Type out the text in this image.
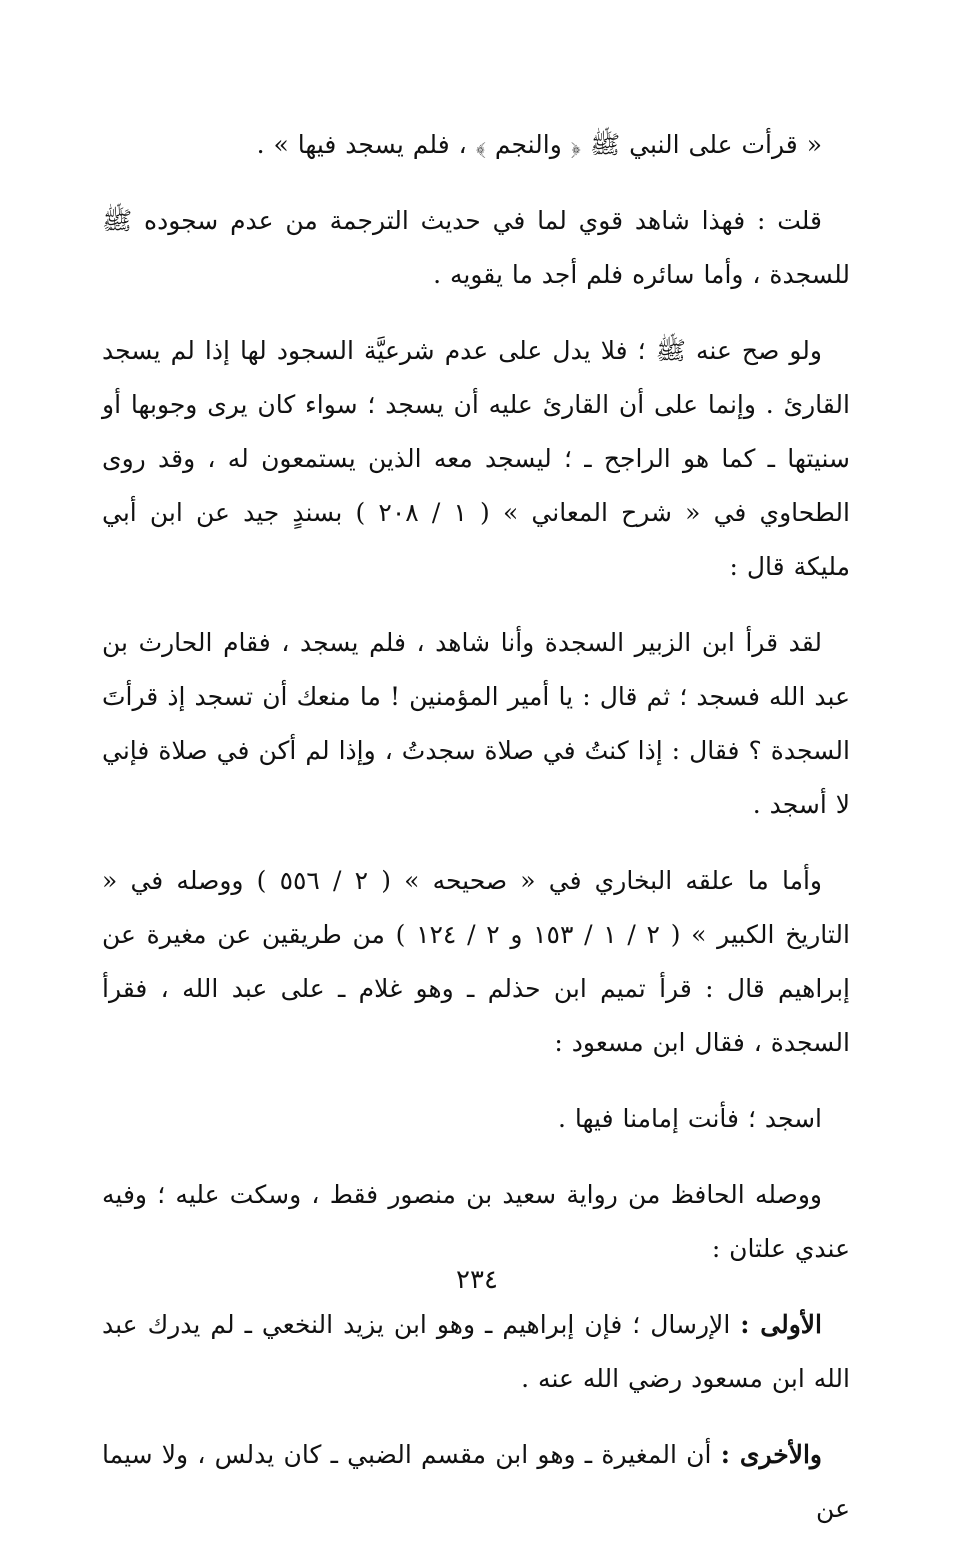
« قرأت على النبي ﷺ ﴿ والنجم ﴾ ، فلم يسجد فيها » .

قلت : فهذا شاهد قوي لما في حديث الترجمة من عدم سجوده ﷺ للسجدة ، وأما سائره فلم أجد ما يقويه .

ولو صح عنه ﷺ ؛ فلا يدل على عدم شرعيَّة السجود لها إذا لم يسجد القارئ . وإنما على أن القارئ عليه أن يسجد ؛ سواء كان يرى وجوبها أو سنيتها ـ كما هو الراجح ـ ؛ ليسجد معه الذين يستمعون له ، وقد روى الطحاوي في « شرح المعاني » ( ١ / ٢٠٨ ) بسندٍ جيد عن ابن أبي مليكة قال :

لقد قرأ ابن الزبير السجدة وأنا شاهد ، فلم يسجد ، فقام الحارث بن عبد الله فسجد ؛ ثم قال : يا أمير المؤمنين ! ما منعك أن تسجد إذ قرأتَ السجدة ؟ فقال : إذا كنتُ في صلاة سجدتُ ، وإذا لم أكن في صلاة فإني لا أسجد .

وأما ما علقه البخاري في « صحيحه » ( ٢ / ٥٥٦ ) ووصله في « التاريخ الكبير » ( ٢ / ١ / ١٥٣ و ٢ / ١٢٤ ) من طريقين عن مغيرة عن إبراهيم قال : قرأ تميم ابن حذلم ـ وهو غلام ـ على عبد الله ، فقرأ السجدة ، فقال ابن مسعود :

اسجد ؛ فأنت إمامنا فيها .

ووصله الحافظ من رواية سعيد بن منصور فقط ، وسكت عليه ؛ وفيه عندي علتان :

الأولى : الإرسال ؛ فإن إبراهيم ـ وهو ابن يزيد النخعي ـ لم يدرك عبد الله ابن مسعود رضي الله عنه .

والأخرى : أن المغيرة ـ وهو ابن مقسم الضبي ـ كان يدلس ، ولا سيما عن

٢٣٤
